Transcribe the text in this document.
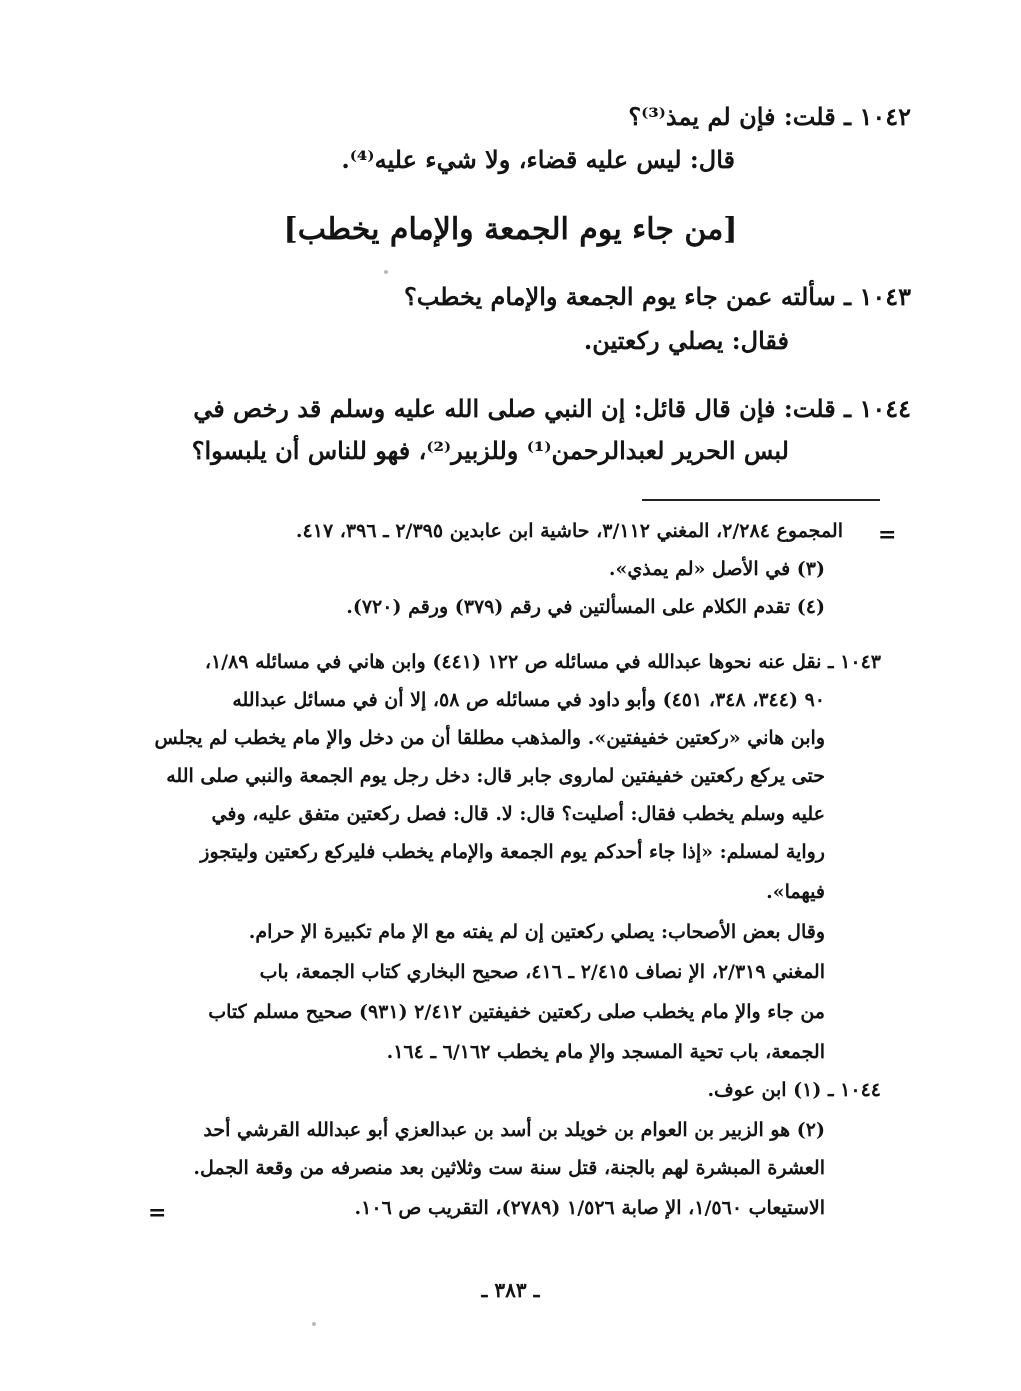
١٠٤٢ ـ قلت: فإن لم يمذ⁽³⁾؟
قال: ليس عليه قضاء، ولا شيء عليه⁽⁴⁾.
[من جاء يوم الجمعة والإمام يخطب]
١٠٤٣ ـ سألته عمن جاء يوم الجمعة والإمام يخطب؟
فقال: يصلي ركعتين.
١٠٤٤ ـ قلت: فإن قال قائل: إن النبي صلى الله عليه وسلم قد رخص في
لبس الحرير لعبدالرحمن⁽¹⁾ وللزبير⁽²⁾، فهو للناس أن يلبسوا؟
=
المجموع ٢/٢٨٤، المغني ٣/١١٢، حاشية ابن عابدين ٢/٣٩٥ ـ ٣٩٦، ٤١٧.
(٣) في الأصل «لم يمذي».
(٤) تقدم الكلام على المسألتين في رقم (٣٧٩) ورقم (٧٢٠).
١٠٤٣ ـ نقل عنه نحوها عبدالله في مسائله ص ١٢٢ (٤٤١) وابن هاني في مسائله ١/٨٩،
٩٠ (٣٤٤، ٣٤٨، ٤٥١) وأبو داود في مسائله ص ٥٨، إلا أن في مسائل عبدالله
وابن هاني «ركعتين خفيفتين». والمذهب مطلقا أن من دخل والإ مام يخطب لم يجلس
حتى يركع ركعتين خفيفتين لماروى جابر قال: دخل رجل يوم الجمعة والنبي صلى الله
عليه وسلم يخطب فقال: أصليت؟ قال: لا. قال: فصل ركعتين متفق عليه، وفي
رواية لمسلم: «إذا جاء أحدكم يوم الجمعة والإمام يخطب فليركع ركعتين وليتجوز
فيهما».
وقال بعض الأصحاب: يصلي ركعتين إن لم يفته مع الإ مام تكبيرة الإ حرام.
المغني ٢/٣١٩، الإ نصاف ٢/٤١٥ ـ ٤١٦، صحيح البخاري كتاب الجمعة، باب
من جاء والإ مام يخطب صلى ركعتين خفيفتين ٢/٤١٢ (٩٣١) صحيح مسلم كتاب
الجمعة، باب تحية المسجد والإ مام يخطب ٦/١٦٢ ـ ١٦٤.
١٠٤٤ ـ (١) ابن عوف.
(٢) هو الزبير بن العوام بن خويلد بن أسد بن عبدالعزي أبو عبدالله القرشي أحد
العشرة المبشرة لهم بالجنة، قتل سنة ست وثلاثين بعد منصرفه من وقعة الجمل.
الاستيعاب ١/٥٦٠، الإ صابة ١/٥٢٦ (٢٧٨٩)، التقريب ص ١٠٦.
=
ـ ٣٨٣ ـ
